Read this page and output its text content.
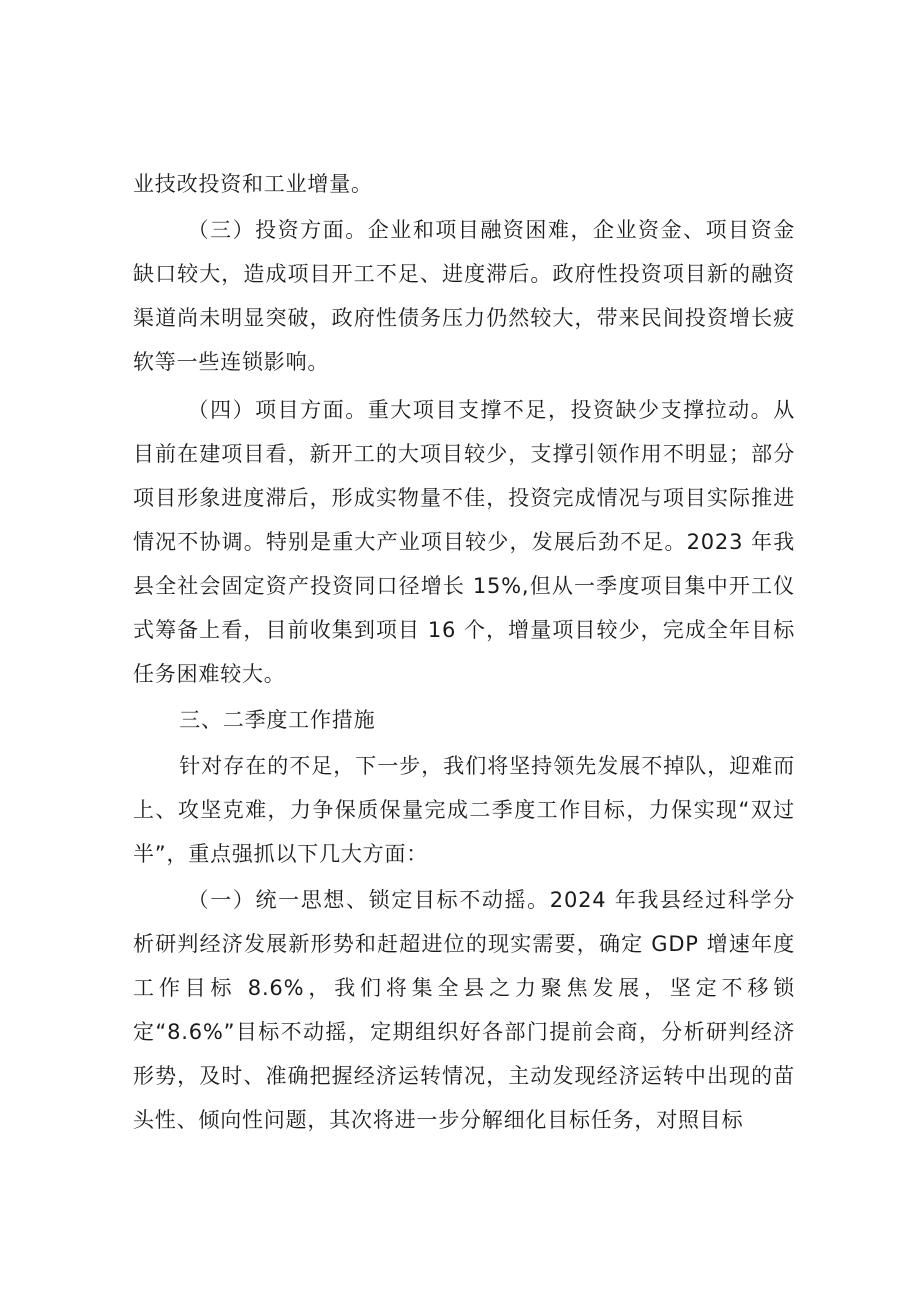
业技改投资和工业增量。

（三）投资方面。企业和项目融资困难，企业资金、项目资金缺口较大，造成项目开工不足、进度滞后。政府性投资项目新的融资渠道尚未明显突破，政府性债务压力仍然较大，带来民间投资增长疲软等一些连锁影响。

（四）项目方面。重大项目支撑不足，投资缺少支撑拉动。从目前在建项目看，新开工的大项目较少，支撑引领作用不明显；部分项目形象进度滞后，形成实物量不佳，投资完成情况与项目实际推进情况不协调。特别是重大产业项目较少，发展后劲不足。2023 年我县全社会固定资产投资同口径增长 15%,但从一季度项目集中开工仪式筹备上看，目前收集到项目 16 个，增量项目较少，完成全年目标任务困难较大。

三、二季度工作措施

针对存在的不足，下一步，我们将坚持领先发展不掉队，迎难而上、攻坚克难，力争保质保量完成二季度工作目标，力保实现“双过半”，重点强抓以下几大方面：

（一）统一思想、锁定目标不动摇。2024 年我县经过科学分析研判经济发展新形势和赶超进位的现实需要，确定 GDP 增速年度工作目标 8.6%，我们将集全县之力聚焦发展，坚定不移锁定“8.6%”目标不动摇，定期组织好各部门提前会商，分析研判经济形势，及时、准确把握经济运转情况，主动发现经济运转中出现的苗头性、倾向性问题，其次将进一步分解细化目标任务，对照目标
